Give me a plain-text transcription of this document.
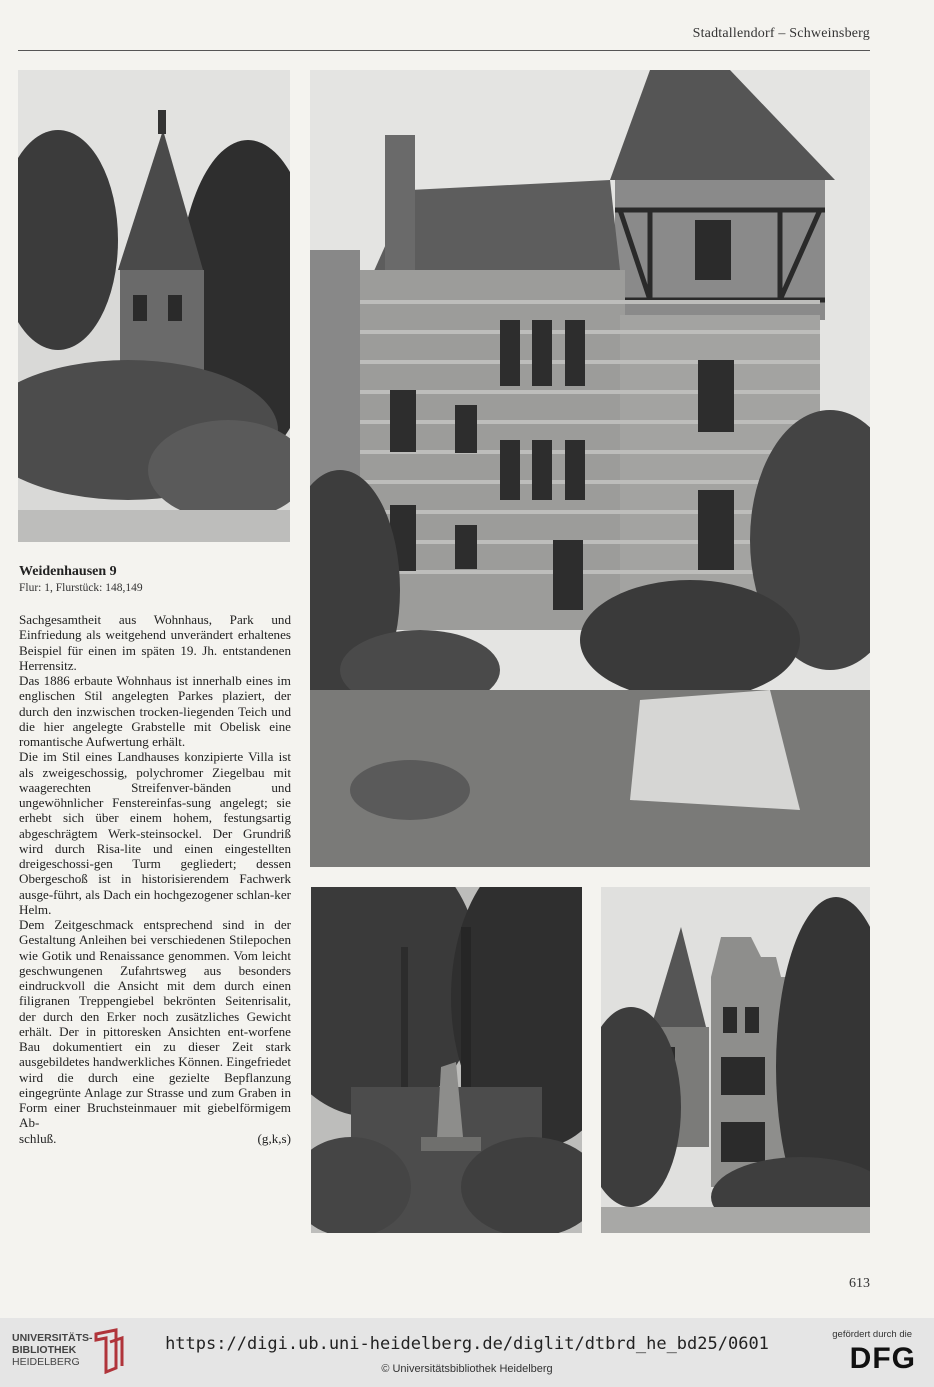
Stadtallendorf – Schweinsberg
Weidenhausen 9
Flur: 1, Flurstück: 148,149

Sachgesamtheit aus Wohnhaus, Park und Einfriedung als weitgehend unverändert erhaltenes Beispiel für einen im späten 19. Jh. entstandenen Herrensitz.

Das 1886 erbaute Wohnhaus ist innerhalb eines im englischen Stil angelegten Parkes plaziert, der durch den inzwischen trocken-liegenden Teich und die hier angelegte Grabstelle mit Obelisk eine romantische Aufwertung erhält.

Die im Stil eines Landhauses konzipierte Villa ist als zweigeschossig, polychromer Ziegelbau mit waagerechten Streifenver-bänden und ungewöhnlicher Fenstereinfas-sung angelegt; sie erhebt sich über einem hohem, festungsartig abgeschrägtem Werk-steinsockel. Der Grundriß wird durch Risa-lite und einen eingestellten dreigeschossi-gen Turm gegliedert; dessen Obergeschoß ist in historisierendem Fachwerk ausge-führt, als Dach ein hochgezogener schlan-ker Helm.

Dem Zeitgeschmack entsprechend sind in der Gestaltung Anleihen bei verschiedenen Stilepochen wie Gotik und Renaissance genommen. Vom leicht geschwungenen Zufahrtsweg aus besonders eindruckvoll die Ansicht mit dem durch einen filigranen Treppengiebel bekrönten Seitenrisalit, der durch den Erker noch zusätzliches Gewicht erhält. Der in pittoresken Ansichten ent-worfene Bau dokumentiert ein zu dieser Zeit stark ausgebildetes handwerkliches Können. Eingefriedet wird die durch eine gezielte Bepflanzung eingegrünte Anlage zur Strasse und zum Graben in Form einer Bruchsteinmauer mit giebelförmigem Ab-

schluß.	(g,k,s)
613
UNIVERSITÄTS-
BIBLIOTHEK
HEIDELBERG
https://digi.ub.uni-heidelberg.de/diglit/dtbrd_he_bd25/0601
© Universitätsbibliothek Heidelberg
gefördert durch die
DFG
